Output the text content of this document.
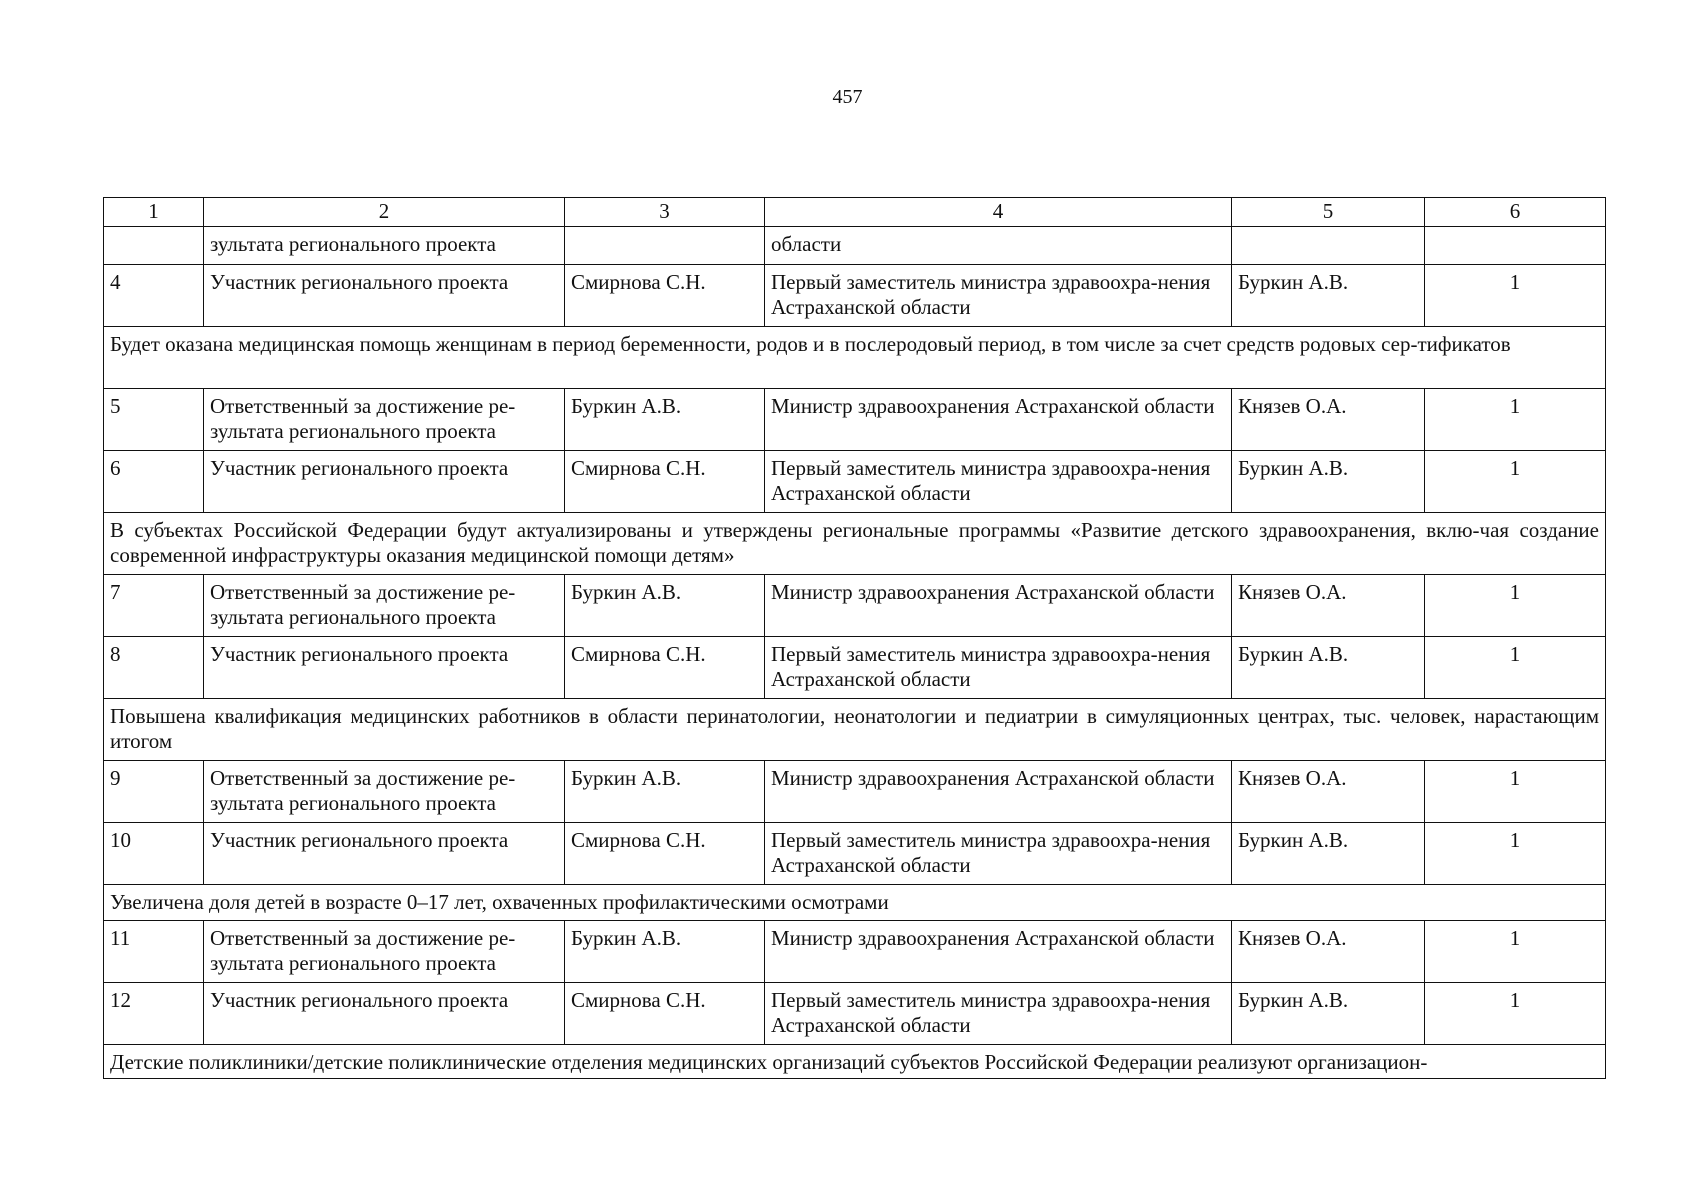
457
1	2	3	4	5	6
	зультата регионального проекта		области		
4	Участник регионального проекта	Смирнова С.Н.	Первый заместитель министра здравоохра-нения Астраханской области	Буркин А.В.	1
Будет оказана медицинская помощь женщинам в период беременности, родов и в послеродовый период, в том числе за счет средств родовых сер-тификатов					
5	Ответственный за достижение ре-зультата регионального проекта	Буркин А.В.	Министр здравоохранения Астраханской области	Князев О.А.	1
6	Участник регионального проекта	Смирнова С.Н.	Первый заместитель министра здравоохра-нения Астраханской области	Буркин А.В.	1
В субъектах Российской Федерации будут актуализированы и утверждены региональные программы «Развитие детского здравоохранения, вклю-чая создание современной инфраструктуры оказания медицинской помощи детям»					
7	Ответственный за достижение ре-зультата регионального проекта	Буркин А.В.	Министр здравоохранения Астраханской области	Князев О.А.	1
8	Участник регионального проекта	Смирнова С.Н.	Первый заместитель министра здравоохра-нения Астраханской области	Буркин А.В.	1
Повышена квалификация медицинских работников в области перинатологии, неонатологии и педиатрии в симуляционных центрах, тыс. человек, нарастающим итогом					
9	Ответственный за достижение ре-зультата регионального проекта	Буркин А.В.	Министр здравоохранения Астраханской области	Князев О.А.	1
10	Участник регионального проекта	Смирнова С.Н.	Первый заместитель министра здравоохра-нения Астраханской области	Буркин А.В.	1
Увеличена доля детей в возрасте 0–17 лет, охваченных профилактическими осмотрами					
11	Ответственный за достижение ре-зультата регионального проекта	Буркин А.В.	Министр здравоохранения Астраханской области	Князев О.А.	1
12	Участник регионального проекта	Смирнова С.Н.	Первый заместитель министра здравоохра-нения Астраханской области	Буркин А.В.	1
Детские поликлиники/детские поликлинические отделения медицинских организаций субъектов Российской Федерации реализуют организацион-					
